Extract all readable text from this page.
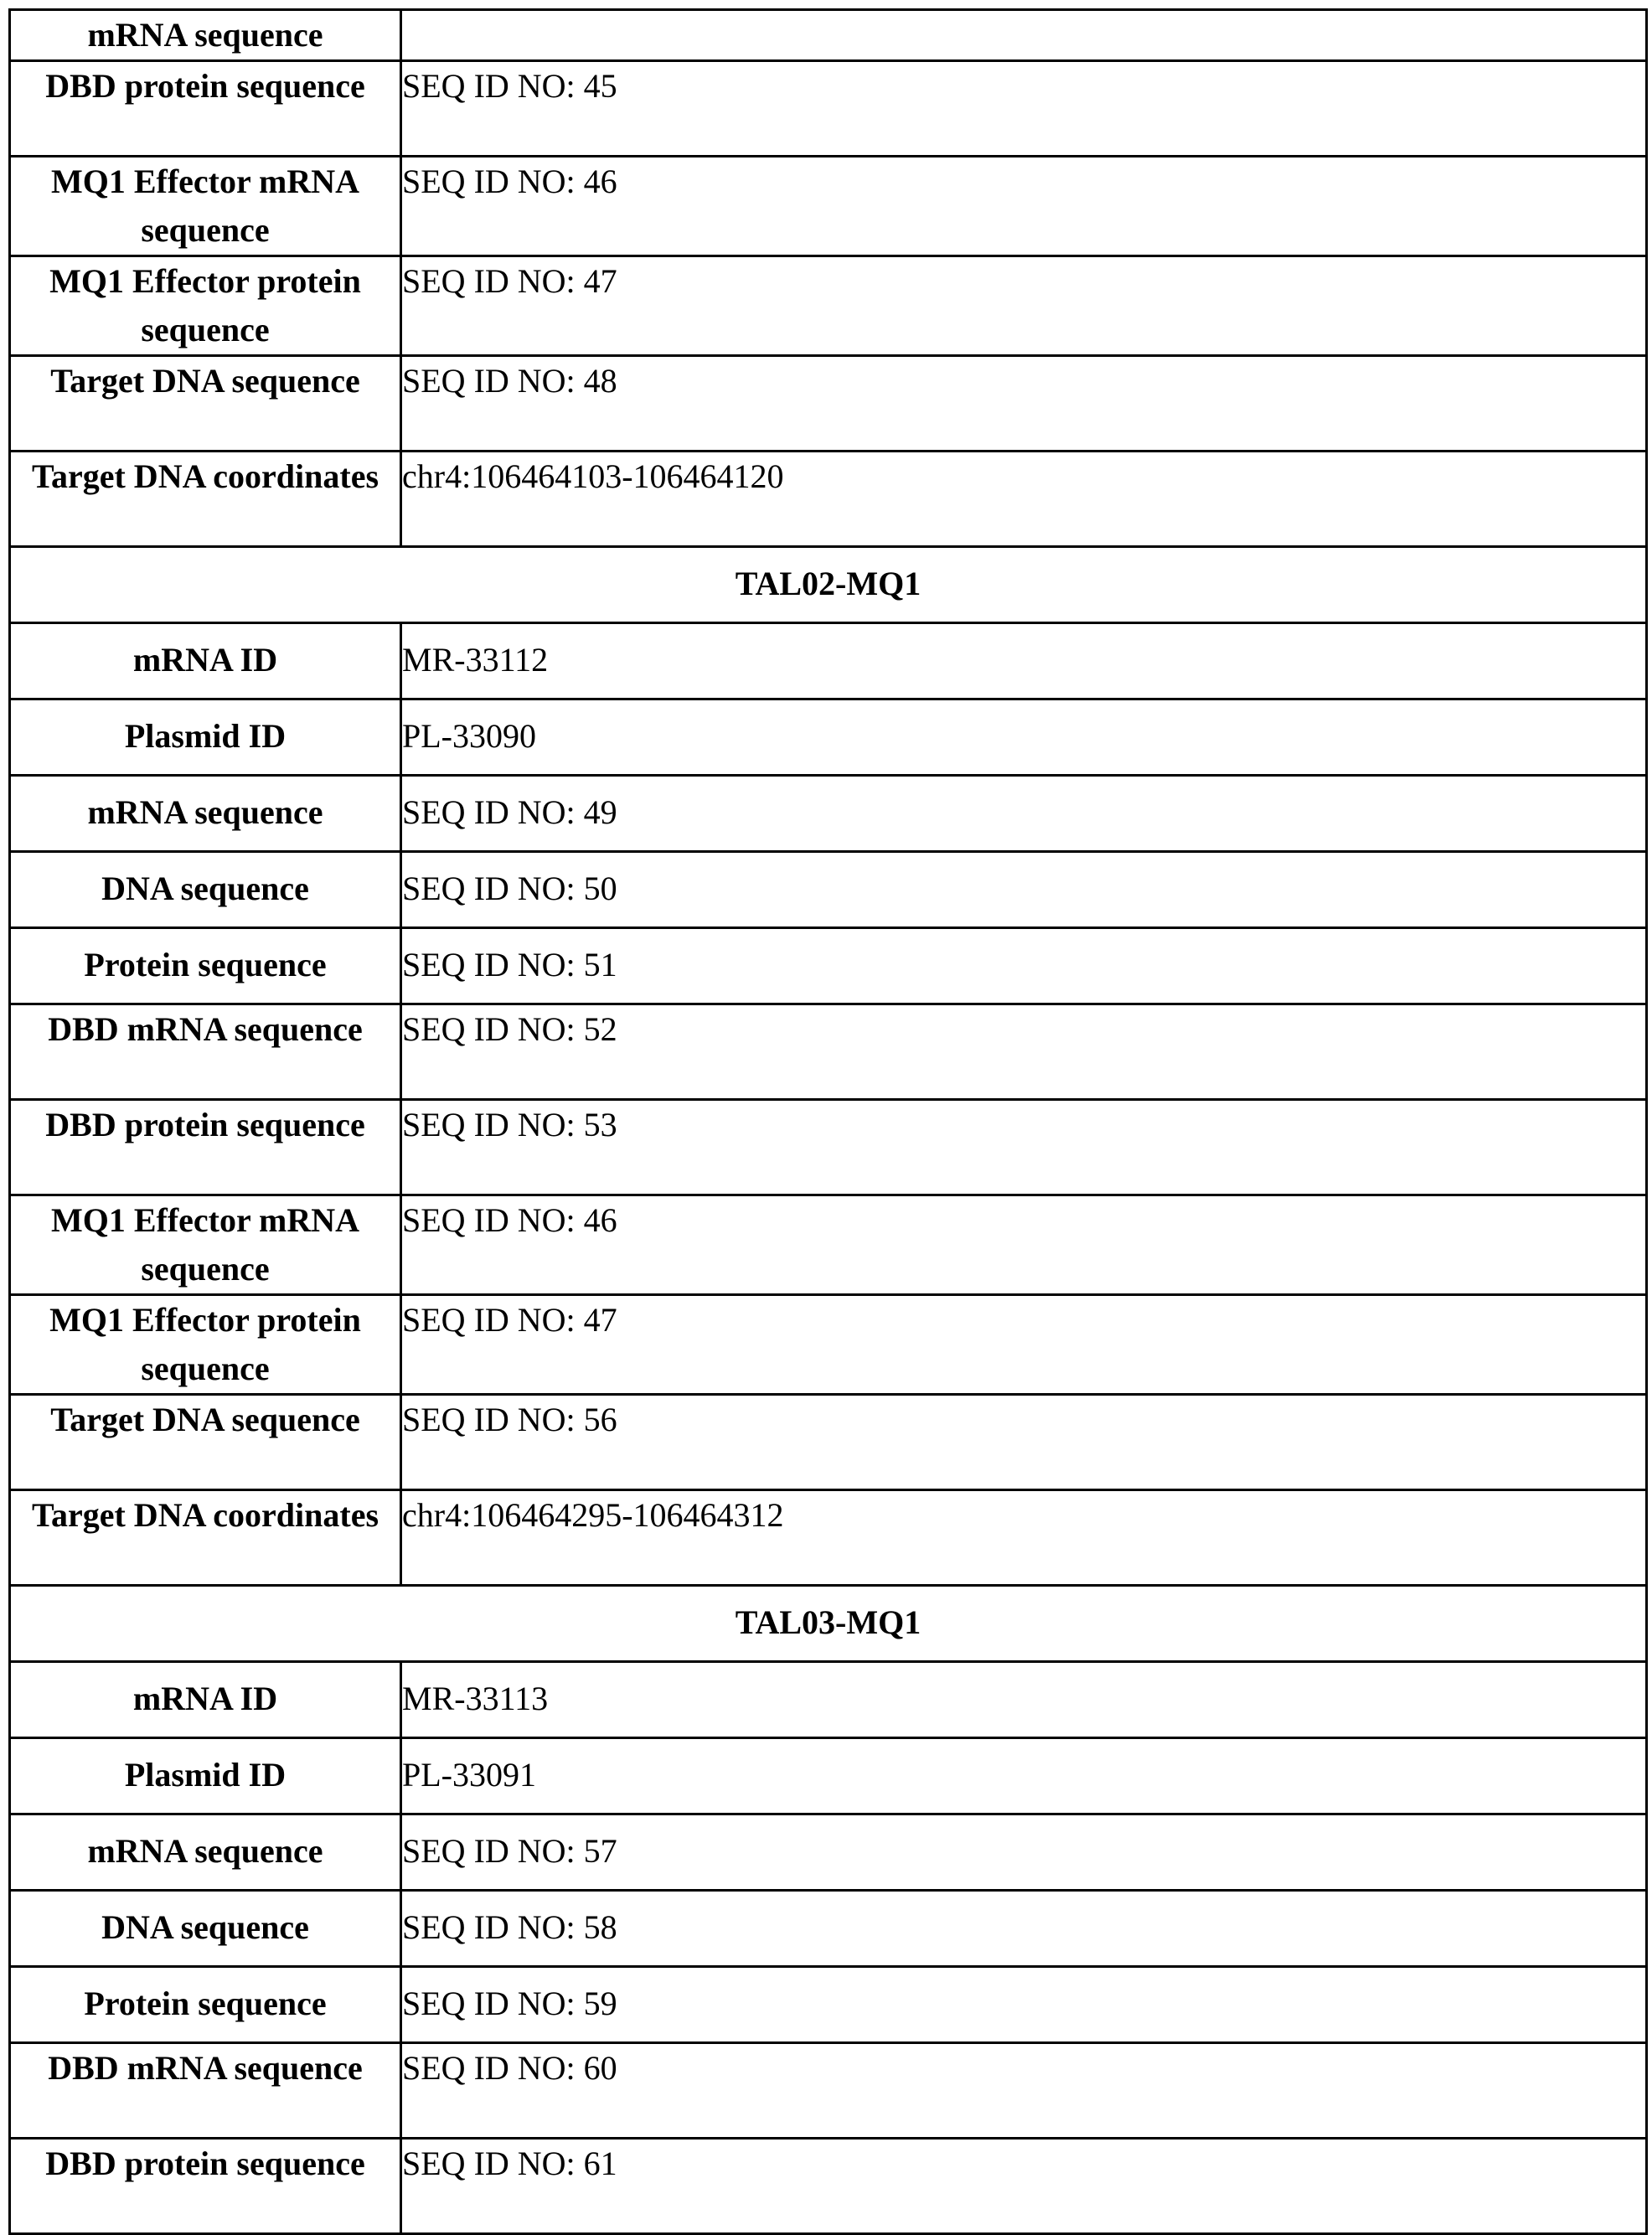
mRNA sequence	
DBD protein sequence	SEQ ID NO: 45
MQ1 Effector mRNA sequence	SEQ ID NO: 46
MQ1 Effector protein sequence	SEQ ID NO: 47
Target DNA sequence	SEQ ID NO: 48
Target DNA coordinates	chr4:106464103-106464120
TAL02-MQ1	
mRNA ID	MR-33112
Plasmid ID	PL-33090
mRNA sequence	SEQ ID NO: 49
DNA sequence	SEQ ID NO: 50
Protein sequence	SEQ ID NO: 51
DBD mRNA sequence	SEQ ID NO: 52
DBD protein sequence	SEQ ID NO: 53
MQ1 Effector mRNA sequence	SEQ ID NO: 46
MQ1 Effector protein sequence	SEQ ID NO: 47
Target DNA sequence	SEQ ID NO: 56
Target DNA coordinates	chr4:106464295-106464312
TAL03-MQ1	
mRNA ID	MR-33113
Plasmid ID	PL-33091
mRNA sequence	SEQ ID NO: 57
DNA sequence	SEQ ID NO: 58
Protein sequence	SEQ ID NO: 59
DBD mRNA sequence	SEQ ID NO: 60
DBD protein sequence	SEQ ID NO: 61
